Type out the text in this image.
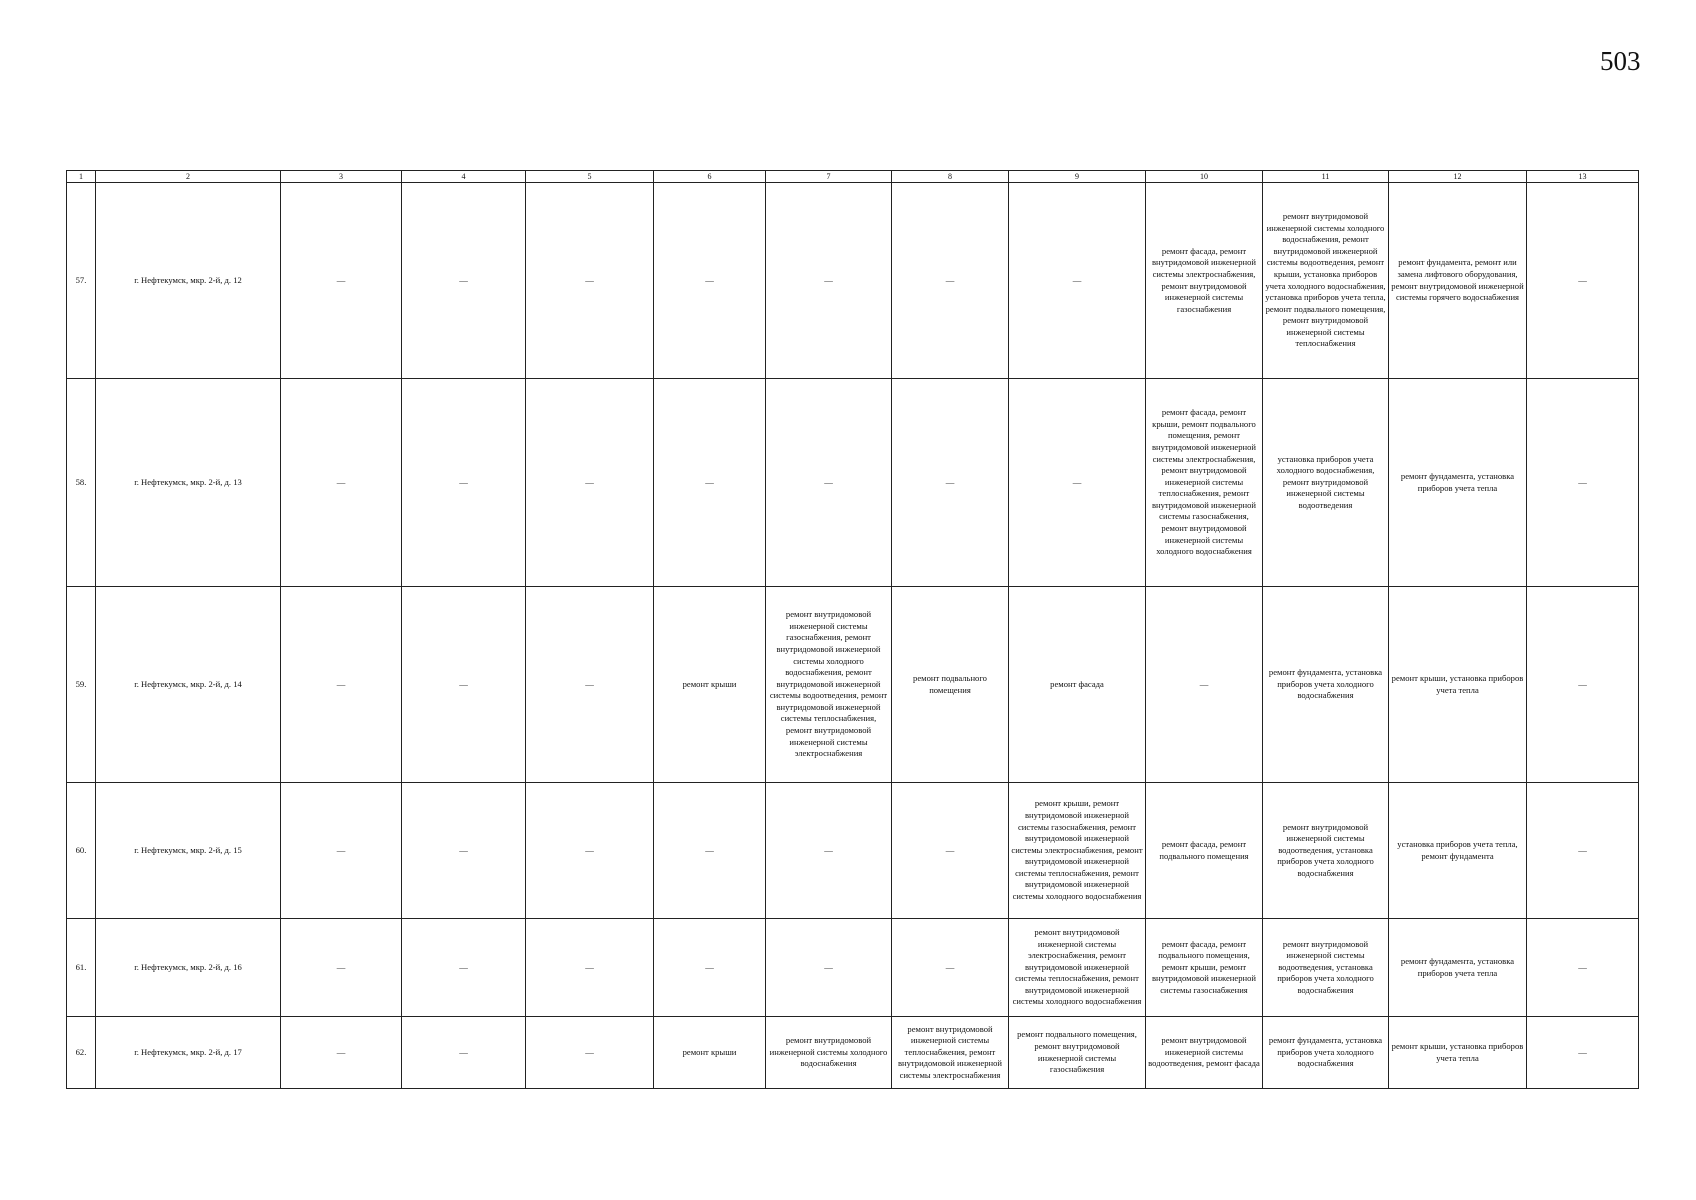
503
1	2	3	4	5	6	7	8	9	10	11	12	13
57.	г. Нефтекумск, мкр. 2-й, д. 12	—	—	—	—	—	—	—	ремонт фасада, ремонт внутридомовой инженерной системы электроснабжения, ремонт внутридомовой инженерной системы газоснабжения	ремонт внутридомовой инженерной системы холодного водоснабжения, ремонт внутридомовой инженерной системы водоотведения, ремонт крыши, установка приборов учета холодного водоснабжения, установка приборов учета тепла, ремонт подвального помещения, ремонт внутридомовой инженерной системы теплоснабжения	ремонт фундамента, ремонт или замена лифтового оборудования, ремонт внутридомовой инженерной системы горячего водоснабжения	—
58.	г. Нефтекумск, мкр. 2-й, д. 13	—	—	—	—	—	—	—	ремонт фасада, ремонт крыши, ремонт подвального помещения, ремонт внутридомовой инженерной системы электроснабжения, ремонт внутридомовой инженерной системы теплоснабжения, ремонт внутридомовой инженерной системы газоснабжения, ремонт внутридомовой инженерной системы холодного водоснабжения	установка приборов учета холодного водоснабжения, ремонт внутридомовой инженерной системы водоотведения	ремонт фундамента, установка приборов учета тепла	—
59.	г. Нефтекумск, мкр. 2-й, д. 14	—	—	—	ремонт крыши	ремонт внутридомовой инженерной системы газоснабжения, ремонт внутридомовой инженерной системы холодного водоснабжения, ремонт внутридомовой инженерной системы водоотведения, ремонт внутридомовой инженерной системы теплоснабжения, ремонт внутридомовой инженерной системы электроснабжения	ремонт подвального помещения	ремонт фасада	—	ремонт фундамента, установка приборов учета холодного водоснабжения	ремонт крыши, установка приборов учета тепла	—
60.	г. Нефтекумск, мкр. 2-й, д. 15	—	—	—	—	—	—	ремонт крыши, ремонт внутридомовой инженерной системы газоснабжения, ремонт внутридомовой инженерной системы электроснабжения, ремонт внутридомовой инженерной системы теплоснабжения, ремонт внутридомовой инженерной системы холодного водоснабжения	ремонт фасада, ремонт подвального помещения	ремонт внутридомовой инженерной системы водоотведения, установка приборов учета холодного водоснабжения	установка приборов учета тепла, ремонт фундамента	—
61.	г. Нефтекумск, мкр. 2-й, д. 16	—	—	—	—	—	—	ремонт внутридомовой инженерной системы электроснабжения, ремонт внутридомовой инженерной системы теплоснабжения, ремонт внутридомовой инженерной системы холодного водоснабжения	ремонт фасада, ремонт подвального помещения, ремонт крыши, ремонт внутридомовой инженерной системы газоснабжения	ремонт внутридомовой инженерной системы водоотведения, установка приборов учета холодного водоснабжения	ремонт фундамента, установка приборов учета тепла	—
62.	г. Нефтекумск, мкр. 2-й, д. 17	—	—	—	ремонт крыши	ремонт внутридомовой инженерной системы холодного водоснабжения	ремонт внутридомовой инженерной системы теплоснабжения, ремонт внутридомовой инженерной системы электроснабжения	ремонт подвального помещения, ремонт внутридомовой инженерной системы газоснабжения	ремонт внутридомовой инженерной системы водоотведения, ремонт фасада	ремонт фундамента, установка приборов учета холодного водоснабжения	ремонт крыши, установка приборов учета тепла	—
